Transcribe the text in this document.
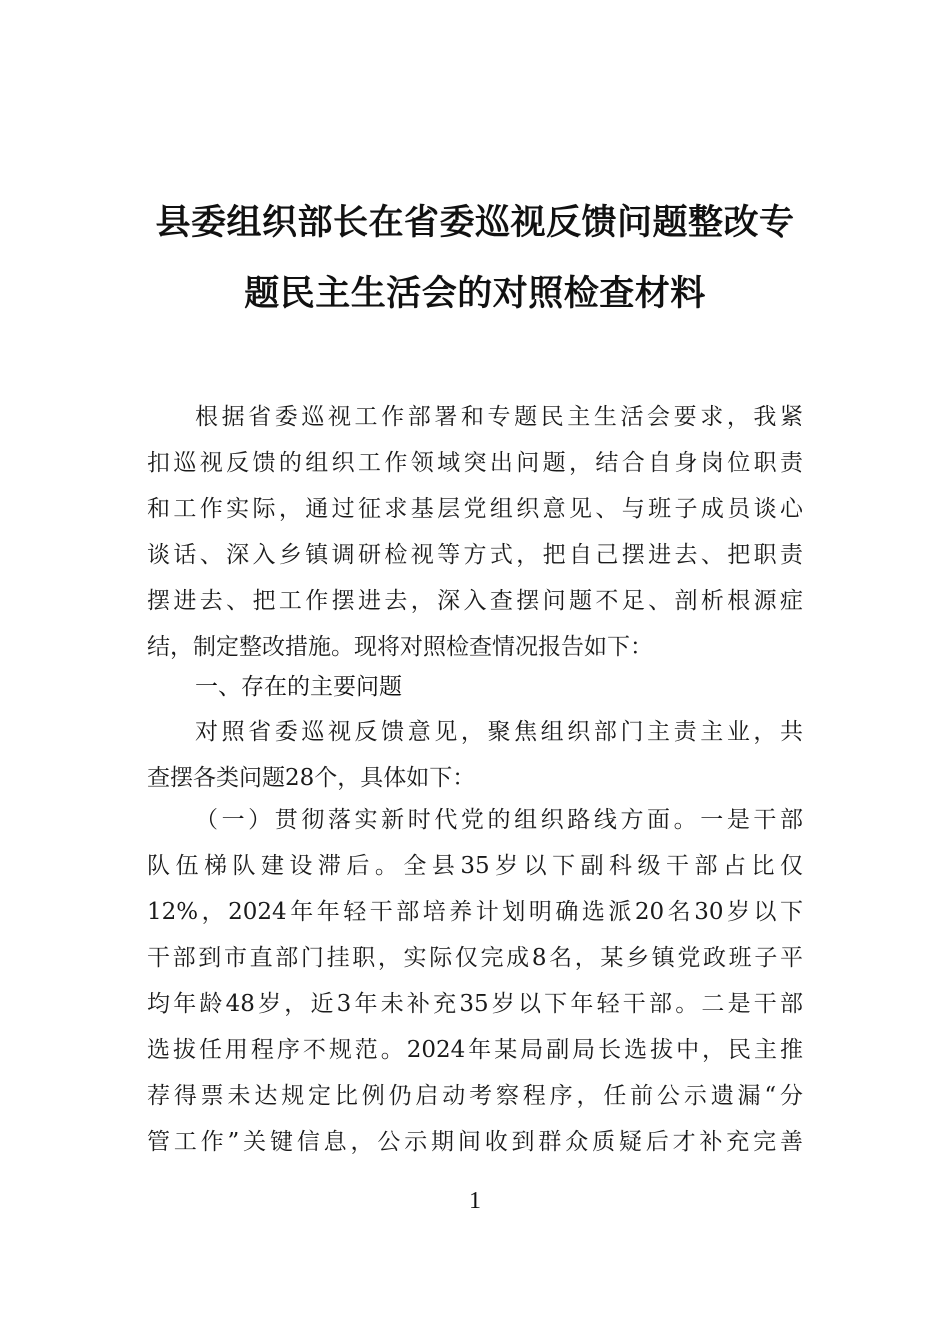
县委组织部长在省委巡视反馈问题整改专
题民主生活会的对照检查材料
根据省委巡视工作部署和专题民主生活会要求，我紧
扣巡视反馈的组织工作领域突出问题，结合自身岗位职责
和工作实际，通过征求基层党组织意见、与班子成员谈心
谈话、深入乡镇调研检视等方式，把自己摆进去、把职责
摆进去、把工作摆进去，深入查摆问题不足、剖析根源症
结，制定整改措施。现将对照检查情况报告如下：
一、存在的主要问题
对照省委巡视反馈意见，聚焦组织部门主责主业，共
查摆各类问题28个，具体如下：
（一）贯彻落实新时代党的组织路线方面。一是干部
队伍梯队建设滞后。全县35岁以下副科级干部占比仅
12%，2024年年轻干部培养计划明确选派20名30岁以下
干部到市直部门挂职，实际仅完成8名，某乡镇党政班子平
均年龄48岁，近3年未补充35岁以下年轻干部。二是干部
选拔任用程序不规范。2024年某局副局长选拔中，民主推
荐得票未达规定比例仍启动考察程序，任前公示遗漏“分
管工作”关键信息，公示期间收到群众质疑后才补充完善
1
